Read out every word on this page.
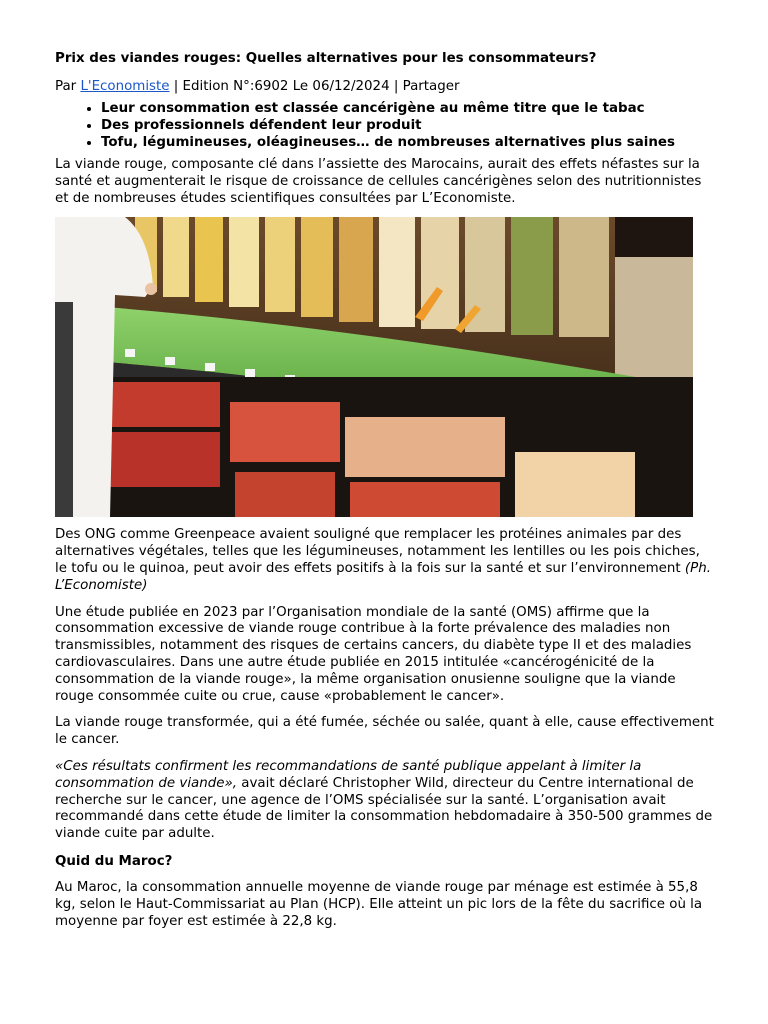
Prix des viandes rouges: Quelles alternatives pour les consommateurs?
Par L'Economiste | Edition N°:6902 Le 06/12/2024 | Partager
• Leur consommation est classée cancérigène au même titre que le tabac
• Des professionnels défendent leur produit
• Tofu, légumineuses, oléagineuses… de nombreuses alternatives plus saines

La viande rouge, composante clé dans l’assiette des Marocains, aurait des effets néfastes sur la santé et augmenterait le risque de croissance de cellules cancérigènes selon des nutritionnistes et de nombreuses études scientifiques consultées par L’Economiste.

Des ONG comme Greenpeace avaient souligné que remplacer les protéines animales par des alternatives végétales, telles que les légumineuses, notamment les lentilles ou les pois chiches, le tofu ou le quinoa, peut avoir des effets positifs à la fois sur la santé et sur l’environnement (Ph. L’Economiste)

Une étude publiée en 2023 par l’Organisation mondiale de la santé (OMS) affirme que la consommation excessive de viande rouge contribue à la forte prévalence des maladies non transmissibles, notamment des risques de certains cancers, du diabète type II et des maladies cardiovasculaires. Dans une autre étude publiée en 2015 intitulée «cancérogénicité de la consommation de la viande rouge», la même organisation onusienne souligne que la viande rouge consommée cuite ou crue, cause «probablement le cancer».

La viande rouge transformée, qui a été fumée, séchée ou salée, quant à elle, cause effectivement le cancer.

«Ces résultats confirment les recommandations de santé publique appelant à limiter la consommation de viande», avait déclaré Christopher Wild, directeur du Centre international de recherche sur le cancer, une agence de l’OMS spécialisée sur la santé. L’organisation avait recommandé dans cette étude de limiter la consommation hebdomadaire à 350-500 grammes de viande cuite par adulte.

Quid du Maroc?

Au Maroc, la consommation annuelle moyenne de viande rouge par ménage est estimée à 55,8 kg, selon le Haut-Commissariat au Plan (HCP). Elle atteint un pic lors de la fête du sacrifice où la moyenne par foyer est estimée à 22,8 kg.
